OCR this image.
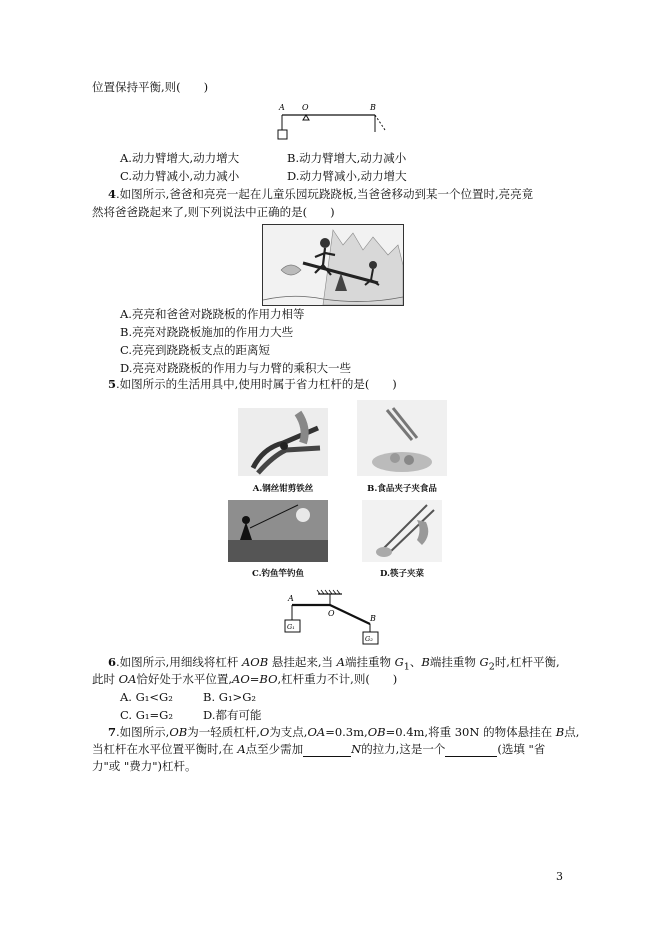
位置保持平衡,则(　　)
A O	B
A.动力臂增大,动力增大	B.动力臂增大,动力减小
C.动力臂减小,动力减小	D.动力臂减小,动力增大
4.如图所示,爸爸和亮亮一起在儿童乐园玩跷跷板,当爸爸移动到某一个位置时,亮亮竟
然将爸爸跷起来了,则下列说法中正确的是(　　)
A.亮亮和爸爸对跷跷板的作用力相等
B.亮亮对跷跷板施加的作用力大些
C.亮亮到跷跷板支点的距离短
D.亮亮对跷跷板的作用力与力臂的乘积大一些
5.如图所示的生活用具中,使用时属于省力杠杆的是(　　)
A.钢丝钳剪铁丝	B.食品夹子夹食品
C.钓鱼竿钓鱼	D.筷子夹菜
A
O
B
G₁
G₂
6.如图所示,用细线将杠杆 AOB 悬挂起来,当 A端挂重物 $G_1$、B端挂重物 $G_2$时,杠杆平衡,
此时 OA恰好处于水平位置,AO=BO,杠杆重力不计,则(　　)
A. G₁<G₂	B. G₁>G₂
C. G₁=G₂	D.都有可能
7.如图所示,OB为一轻质杠杆,O为支点,OA=0.3m,OB=0.4m,将重 30N 的物体悬挂在 B点,
当杠杆在水平位置平衡时,在 A点至少需加	N的拉力,这是一个	(选填 "省
力"或 "费力")杠杆。
3
